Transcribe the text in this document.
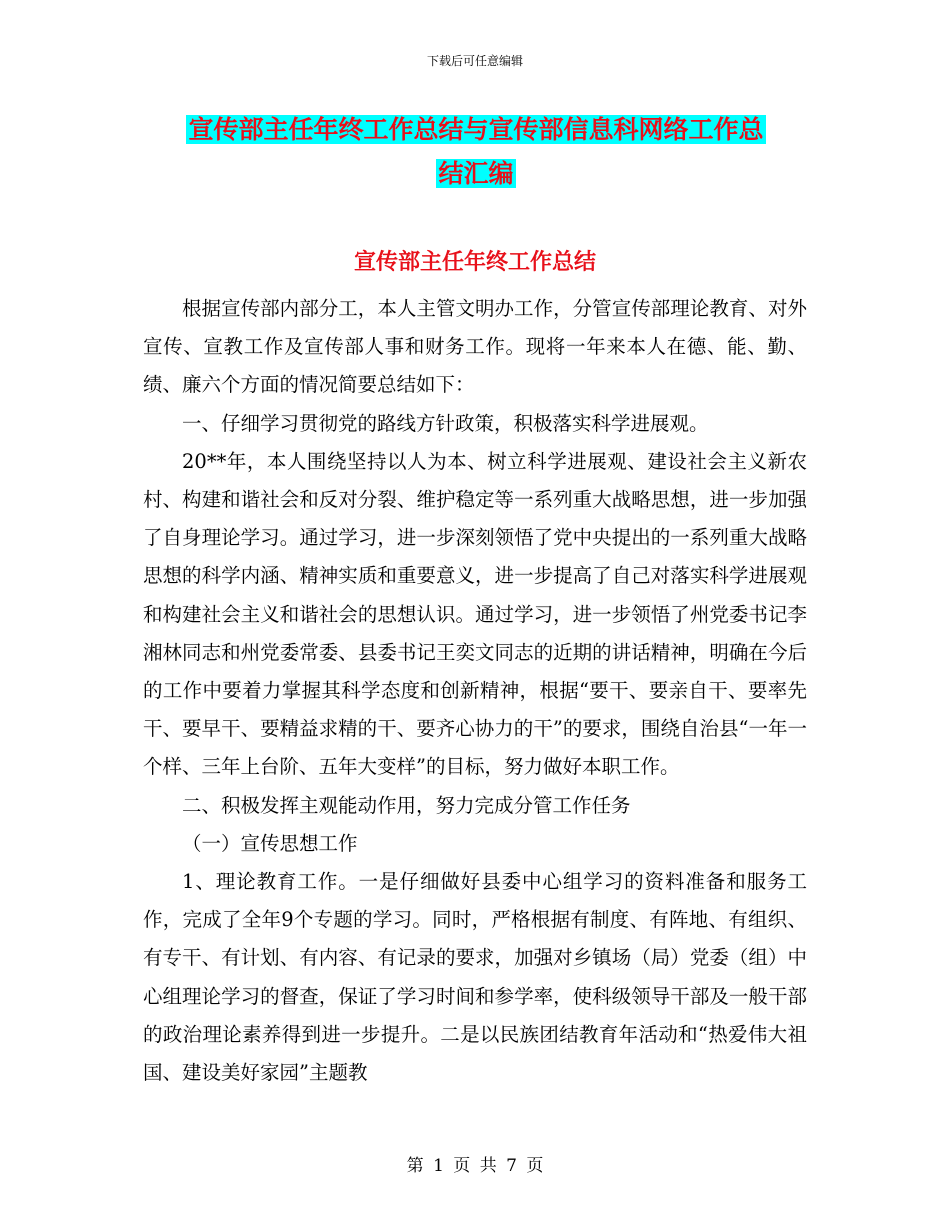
下载后可任意编辑
宣传部主任年终工作总结与宣传部信息科网络工作总
结汇编
宣传部主任年终工作总结

根据宣传部内部分工，本人主管文明办工作，分管宣传部理论教育、对外宣传、宣教工作及宣传部人事和财务工作。现将一年来本人在德、能、勤、绩、廉六个方面的情况简要总结如下：

一、仔细学习贯彻党的路线方针政策，积极落实科学进展观。

20**年，本人围绕坚持以人为本、树立科学进展观、建设社会主义新农村、构建和谐社会和反对分裂、维护稳定等一系列重大战略思想，进一步加强了自身理论学习。通过学习，进一步深刻领悟了党中央提出的一系列重大战略思想的科学内涵、精神实质和重要意义，进一步提高了自己对落实科学进展观和构建社会主义和谐社会的思想认识。通过学习，进一步领悟了州党委书记李湘林同志和州党委常委、县委书记王奕文同志的近期的讲话精神，明确在今后的工作中要着力掌握其科学态度和创新精神，根据“要干、要亲自干、要率先干、要早干、要精益求精的干、要齐心协力的干”的要求，围绕自治县“一年一个样、三年上台阶、五年大变样”的目标，努力做好本职工作。

二、积极发挥主观能动作用，努力完成分管工作任务

（一）宣传思想工作

1、理论教育工作。一是仔细做好县委中心组学习的资料准备和服务工作，完成了全年9个专题的学习。同时，严格根据有制度、有阵地、有组织、有专干、有计划、有内容、有记录的要求，加强对乡镇场（局）党委（组）中心组理论学习的督查，保证了学习时间和参学率，使科级领导干部及一般干部的政治理论素养得到进一步提升。二是以民族团结教育年活动和“热爱伟大祖国、建设美好家园”主题教

第 1 页 共 7 页
